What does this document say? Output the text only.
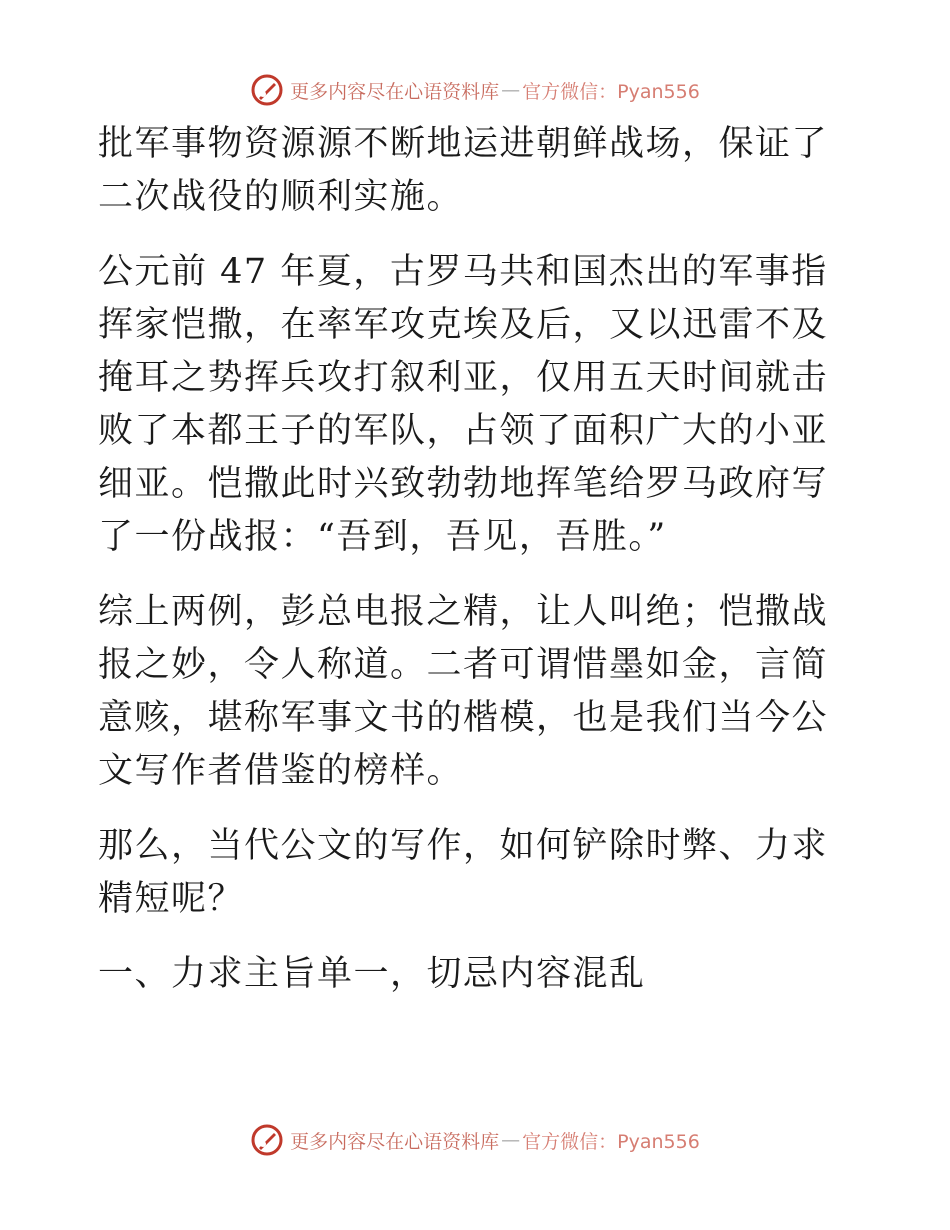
更多内容尽在心语资料库 — 官方微信：Pyan556

批军事物资源源不断地运进朝鲜战场，保证了二次战役的顺利实施。

公元前 47 年夏，古罗马共和国杰出的军事指挥家恺撒，在率军攻克埃及后，又以迅雷不及掩耳之势挥兵攻打叙利亚，仅用五天时间就击败了本都王子的军队，占领了面积广大的小亚细亚。恺撒此时兴致勃勃地挥笔给罗马政府写了一份战报：“吾到，吾见，吾胜。”

综上两例，彭总电报之精，让人叫绝；恺撒战报之妙，令人称道。二者可谓惜墨如金，言简意赅，堪称军事文书的楷模，也是我们当今公文写作者借鉴的榜样。

那么，当代公文的写作，如何铲除时弊、力求精短呢？

一、力求主旨单一，切忌内容混乱

更多内容尽在心语资料库 — 官方微信：Pyan556
